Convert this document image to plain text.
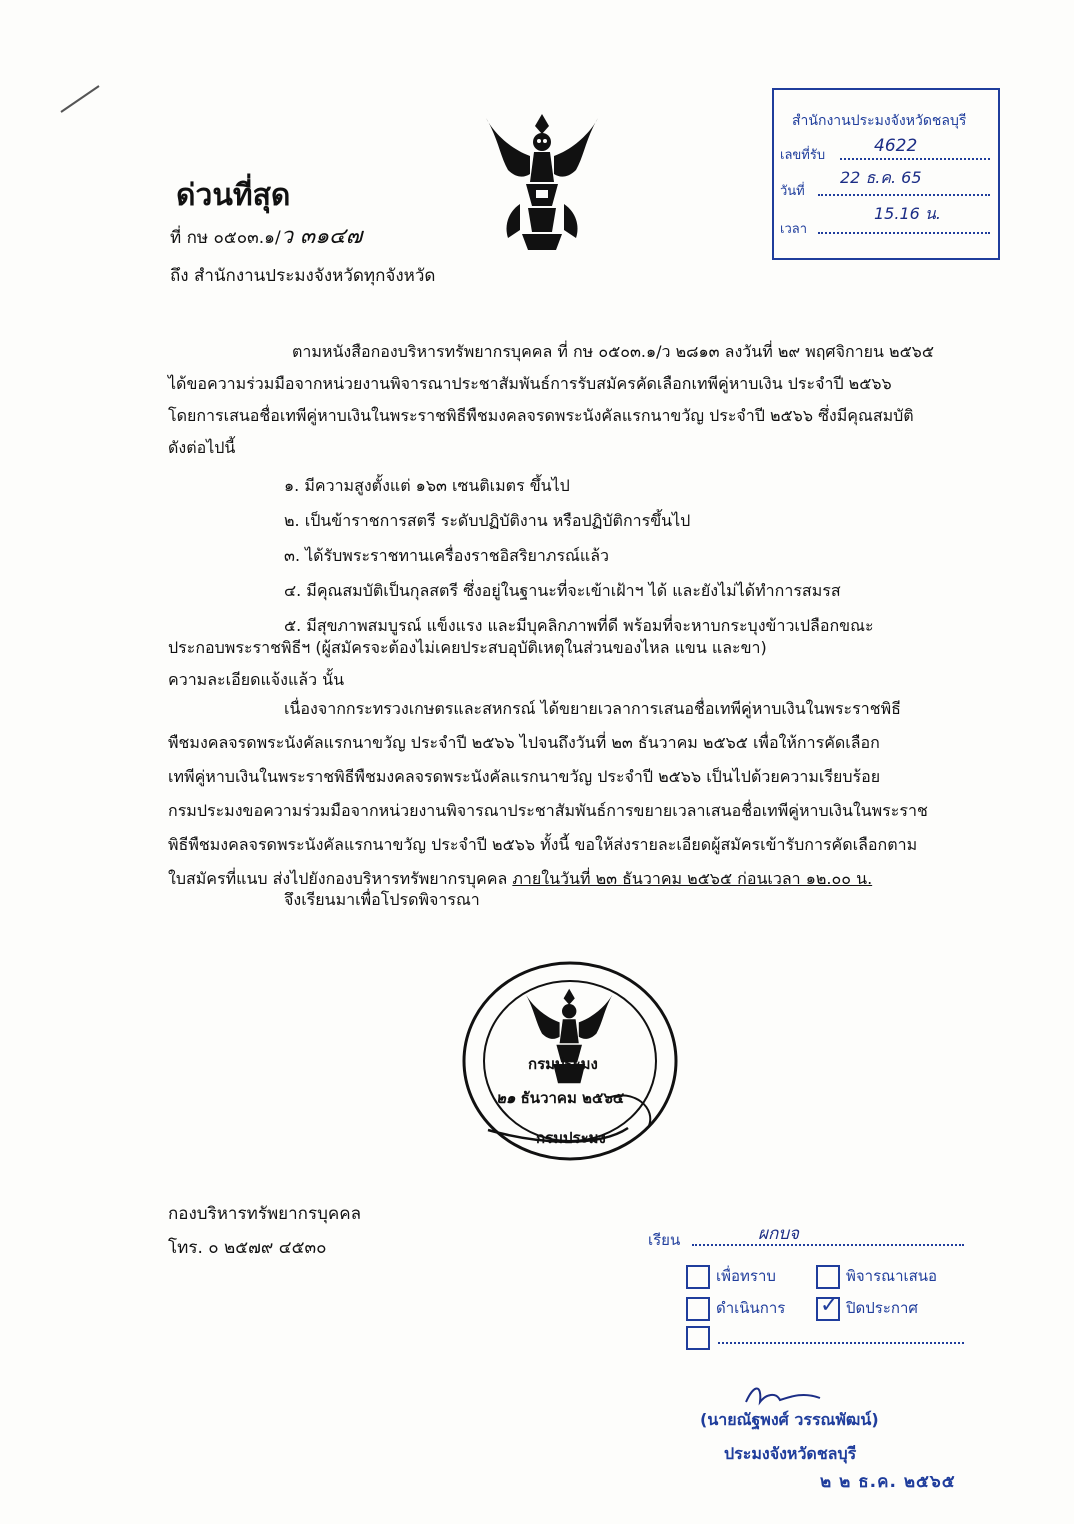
สำนักงานประมงจังหวัดชลบุรี
เลขที่รับ	4622
วันที่
22 ธ.ค. 65
เวลา
15.16 น.
ด่วนที่สุด
ที่ กษ ๐๕๐๓.๑/ว ๓๑๔๗
ถึง สำนักงานประมงจังหวัดทุกจังหวัด
ตามหนังสือกองบริหารทรัพยากรบุคคล ที่ กษ ๐๕๐๓.๑/ว ๒๘๑๓ ลงวันที่ ๒๙ พฤศจิกายน ๒๕๖๕
ได้ขอความร่วมมือจากหน่วยงานพิจารณาประชาสัมพันธ์การรับสมัครคัดเลือกเทพีคู่หาบเงิน ประจำปี ๒๕๖๖
โดยการเสนอชื่อเทพีคู่หาบเงินในพระราชพิธีพืชมงคลจรดพระนังคัลแรกนาขวัญ ประจำปี ๒๕๖๖ ซึ่งมีคุณสมบัติ
ดังต่อไปนี้
๑. มีความสูงตั้งแต่ ๑๖๓ เซนติเมตร ขึ้นไป
๒. เป็นข้าราชการสตรี ระดับปฏิบัติงาน หรือปฏิบัติการขึ้นไป
๓. ได้รับพระราชทานเครื่องราชอิสริยาภรณ์แล้ว
๔. มีคุณสมบัติเป็นกุลสตรี ซึ่งอยู่ในฐานะที่จะเข้าเฝ้าฯ ได้ และยังไม่ได้ทำการสมรส
๕. มีสุขภาพสมบูรณ์ แข็งแรง และมีบุคลิกภาพที่ดี พร้อมที่จะหาบกระบุงข้าวเปลือกขณะ
ประกอบพระราชพิธีฯ (ผู้สมัครจะต้องไม่เคยประสบอุบัติเหตุในส่วนของไหล แขน และขา)
ความละเอียดแจ้งแล้ว นั้น
เนื่องจากกระทรวงเกษตรและสหกรณ์ ได้ขยายเวลาการเสนอชื่อเทพีคู่หาบเงินในพระราชพิธี
พืชมงคลจรดพระนังคัลแรกนาขวัญ ประจำปี ๒๕๖๖ ไปจนถึงวันที่ ๒๓ ธันวาคม ๒๕๖๕ เพื่อให้การคัดเลือก
เทพีคู่หาบเงินในพระราชพิธีพืชมงคลจรดพระนังคัลแรกนาขวัญ ประจำปี ๒๕๖๖ เป็นไปด้วยความเรียบร้อย
กรมประมงขอความร่วมมือจากหน่วยงานพิจารณาประชาสัมพันธ์การขยายเวลาเสนอชื่อเทพีคู่หาบเงินในพระราช
พิธีพืชมงคลจรดพระนังคัลแรกนาขวัญ ประจำปี ๒๕๖๖ ทั้งนี้ ขอให้ส่งรายละเอียดผู้สมัครเข้ารับการคัดเลือกตาม
ใบสมัครที่แนบ ส่งไปยังกองบริหารทรัพยากรบุคคล ภายในวันที่ ๒๓ ธันวาคม ๒๕๖๕ ก่อนเวลา ๑๒.๐๐ น.
จึงเรียนมาเพื่อโปรดพิจารณา
กรมประมง
๒๑ ธันวาคม ๒๕๖๕
กรมประมง
กองบริหารทรัพยากรบุคคล
โทร. ๐ ๒๕๗๙ ๔๕๓๐	เรียน	ผกบจ
เพื่อทราบ	พิจารณาเสนอ
ดำเนินการ
✓	ปิดประกาศ
(นายณัฐพงศ์ วรรณพัฒน์)
ประมงจังหวัดชลบุรี
๒ ๒ ธ.ค. ๒๕๖๕
